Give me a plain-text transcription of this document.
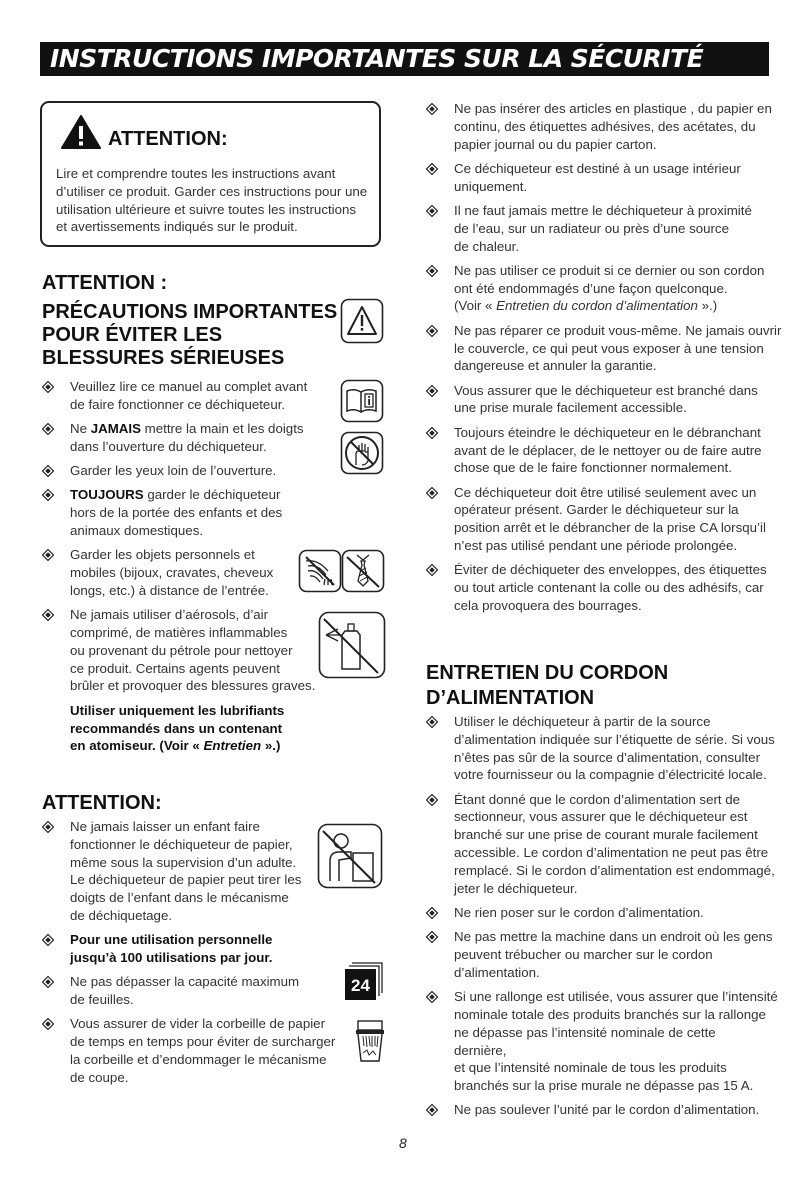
INSTRUCTIONS IMPORTANTES SUR LA SÉCURITÉ
ATTENTION:
Lire et comprendre toutes les instructions avant
d’utiliser ce produit. Garder ces instructions pour une
utilisation ultérieure et suivre toutes les instructions
et avertissements indiqués sur le produit.
ATTENTION :
PRÉCAUTIONS IMPORTANTES
POUR ÉVITER LES
BLESSURES SÉRIEUSES
Veuillez lire ce manuel au complet avant
de faire fonctionner ce déchiqueteur.
Ne JAMAIS mettre la main et les doigts
dans l’ouverture du déchiqueteur.
Garder les yeux loin de l’ouverture.
TOUJOURS garder le déchiqueteur
hors de la portée des enfants et des
animaux domestiques.
Garder les objets personnels et
mobiles (bijoux, cravates, cheveux
longs, etc.) à distance de l’entrée.
Ne jamais utiliser d’aérosols, d’air
comprimé, de matières inflammables
ou provenant du pétrole pour nettoyer
ce produit. Certains agents peuvent
brûler et provoquer des blessures graves.
Utiliser uniquement les lubrifiants
recommandés dans un contenant
en atomiseur. (Voir « Entretien ».)
ATTENTION:
Ne jamais laisser un enfant faire
fonctionner le déchiqueteur de papier,
même sous la supervision d’un adulte.
Le déchiqueteur de papier peut tirer les
doigts de l’enfant dans le mécanisme
de déchiquetage.
Pour une utilisation personnelle
jusqu’à 100 utilisations par jour.
Ne pas dépasser la capacité maximum
de feuilles.
Vous assurer de vider la corbeille de papier
de temps en temps pour éviter de surcharger
la corbeille et d’endommager le mécanisme
de coupe.
24
Ne pas insérer des articles en plastique , du papier en
continu, des étiquettes adhésives, des acétates, du
papier journal ou du papier carton.
Ce déchiqueteur est destiné à un usage intérieur
uniquement.
Il ne faut jamais mettre le déchiqueteur à proximité
de l’eau, sur un radiateur ou près d’une source
de chaleur.
Ne pas utiliser ce produit si ce dernier ou son cordon
ont été endommagés d’une façon quelconque.
(Voir « Entretien du cordon d’alimentation ».)
Ne pas réparer ce produit vous-même. Ne jamais ouvrir
le couvercle, ce qui peut vous exposer à une tension
dangereuse et annuler la garantie.
Vous assurer que le déchiqueteur est branché dans
une prise murale facilement accessible.
Toujours éteindre le déchiqueteur en le débranchant
avant de le déplacer, de le nettoyer ou de faire autre
chose que de le faire fonctionner normalement.
Ce déchiqueteur doit être utilisé seulement avec un
opérateur présent. Garder le déchiqueteur sur la
position arrêt et le débrancher de la prise CA lorsqu’il
n’est pas utilisé pendant une période prolongée.
Éviter de déchiqueter des enveloppes, des étiquettes
ou tout article contenant la colle ou des adhésifs, car
cela provoquera des bourrages.
ENTRETIEN DU CORDON
D’ALIMENTATION
Utiliser le déchiqueteur à partir de la source
d’alimentation indiquée sur l’étiquette de série. Si vous
n’êtes pas sûr de la source d’alimentation, consulter
votre fournisseur ou la compagnie d’électricité locale.
Étant donné que le cordon d’alimentation sert de
sectionneur, vous assurer que le déchiqueteur est
branché sur une prise de courant murale facilement
accessible. Le cordon d’alimentation ne peut pas être
remplacé. Si le cordon d’alimentation est endommagé,
jeter le déchiqueteur.
Ne rien poser sur le cordon d’alimentation.
Ne pas mettre la machine dans un endroit où les gens
peuvent trébucher ou marcher sur le cordon
d’alimentation.
Si une rallonge est utilisée, vous assurer que l’intensité
nominale totale des produits branchés sur la rallonge
ne dépasse pas l’intensité nominale de cette dernière,
et que l’intensité nominale de tous les produits
branchés sur la prise murale ne dépasse pas 15 A.
Ne pas soulever l’unité par le cordon d’alimentation.
8
